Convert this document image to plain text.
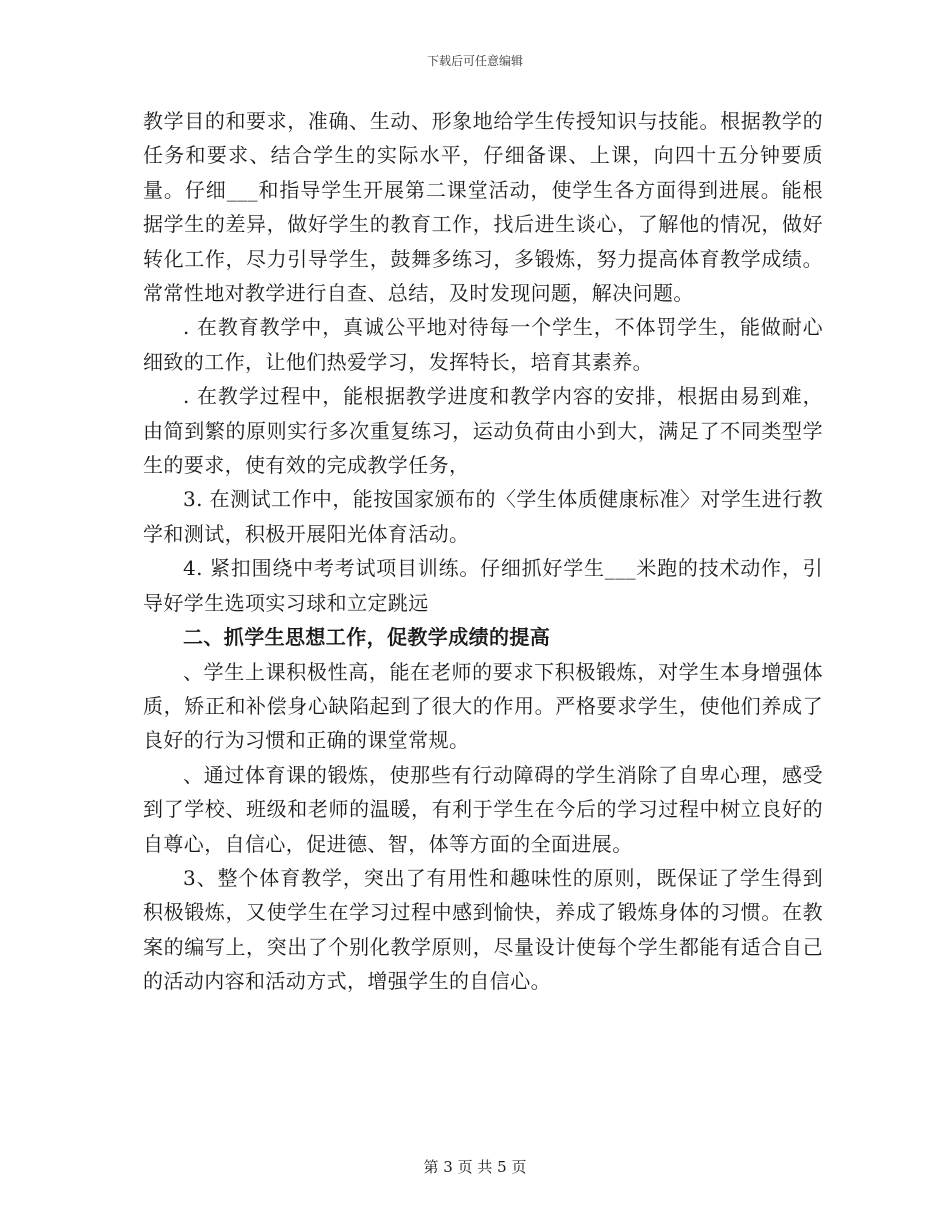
下载后可任意编辑

教学目的和要求，准确、生动、形象地给学生传授知识与技能。根据教学的任务和要求、结合学生的实际水平，仔细备课、上课，向四十五分钟要质量。仔细___和指导学生开展第二课堂活动，使学生各方面得到进展。能根据学生的差异，做好学生的教育工作，找后进生谈心，了解他的情况，做好转化工作，尽力引导学生，鼓舞多练习，多锻炼，努力提高体育教学成绩。常常性地对教学进行自查、总结，及时发现问题，解决问题。

. 在教育教学中，真诚公平地对待每一个学生，不体罚学生，能做耐心细致的工作，让他们热爱学习，发挥特长，培育其素养。

. 在教学过程中，能根据教学进度和教学内容的安排，根据由易到难，由简到繁的原则实行多次重复练习，运动负荷由小到大，满足了不同类型学生的要求，使有效的完成教学任务，

3. 在测试工作中，能按国家颁布的〈学生体质健康标准〉对学生进行教学和测试，积极开展阳光体育活动。

4. 紧扣围绕中考考试项目训练。仔细抓好学生___米跑的技术动作，引导好学生选项实习球和立定跳远

二、抓学生思想工作，促教学成绩的提高

、学生上课积极性高，能在老师的要求下积极锻炼，对学生本身增强体质，矫正和补偿身心缺陷起到了很大的作用。严格要求学生，使他们养成了良好的行为习惯和正确的课堂常规。

、通过体育课的锻炼，使那些有行动障碍的学生消除了自卑心理，感受到了学校、班级和老师的温暖，有利于学生在今后的学习过程中树立良好的自尊心，自信心，促进德、智，体等方面的全面进展。

3、整个体育教学，突出了有用性和趣味性的原则，既保证了学生得到积极锻炼，又使学生在学习过程中感到愉快，养成了锻炼身体的习惯。在教案的编写上，突出了个别化教学原则，尽量设计使每个学生都能有适合自己的活动内容和活动方式，增强学生的自信心。

第 3 页 共 5 页
